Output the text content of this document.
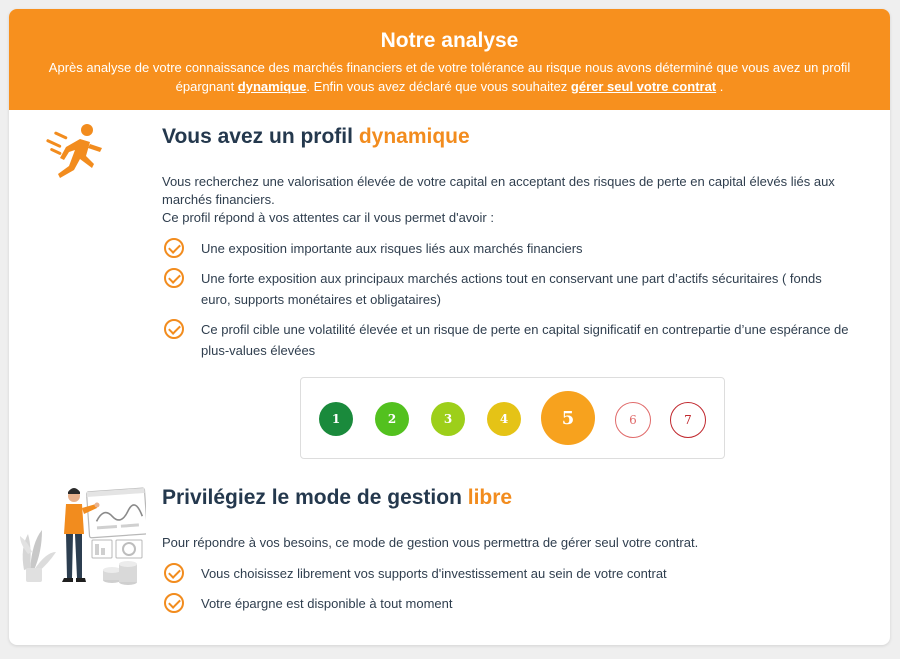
Notre analyse

Après analyse de votre connaissance des marchés financiers et de votre tolérance au risque nous avons déterminé que vous avez un profil épargnant dynamique. Enfin vous avez déclaré que vous souhaitez gérer seul votre contrat .

Vous avez un profil dynamique

Vous recherchez une valorisation élevée de votre capital en acceptant des risques de perte en capital élevés liés aux marchés financiers.
Ce profil répond à vos attentes car il vous permet d'avoir :

Une exposition importante aux risques liés aux marchés financiers
Une forte exposition aux principaux marchés actions tout en conservant une part d’actifs sécuritaires ( fonds euro, supports monétaires et obligataires)
Ce profil cible une volatilité élevée et un risque de perte en capital significatif en contrepartie d’une espérance de plus-values élevées
1	2	3	4	5	6	7
Privilégiez le mode de gestion libre

Pour répondre à vos besoins, ce mode de gestion vous permettra de gérer seul votre contrat.

Vous choisissez librement vos supports d'investissement au sein de votre contrat
Votre épargne est disponible à tout moment
